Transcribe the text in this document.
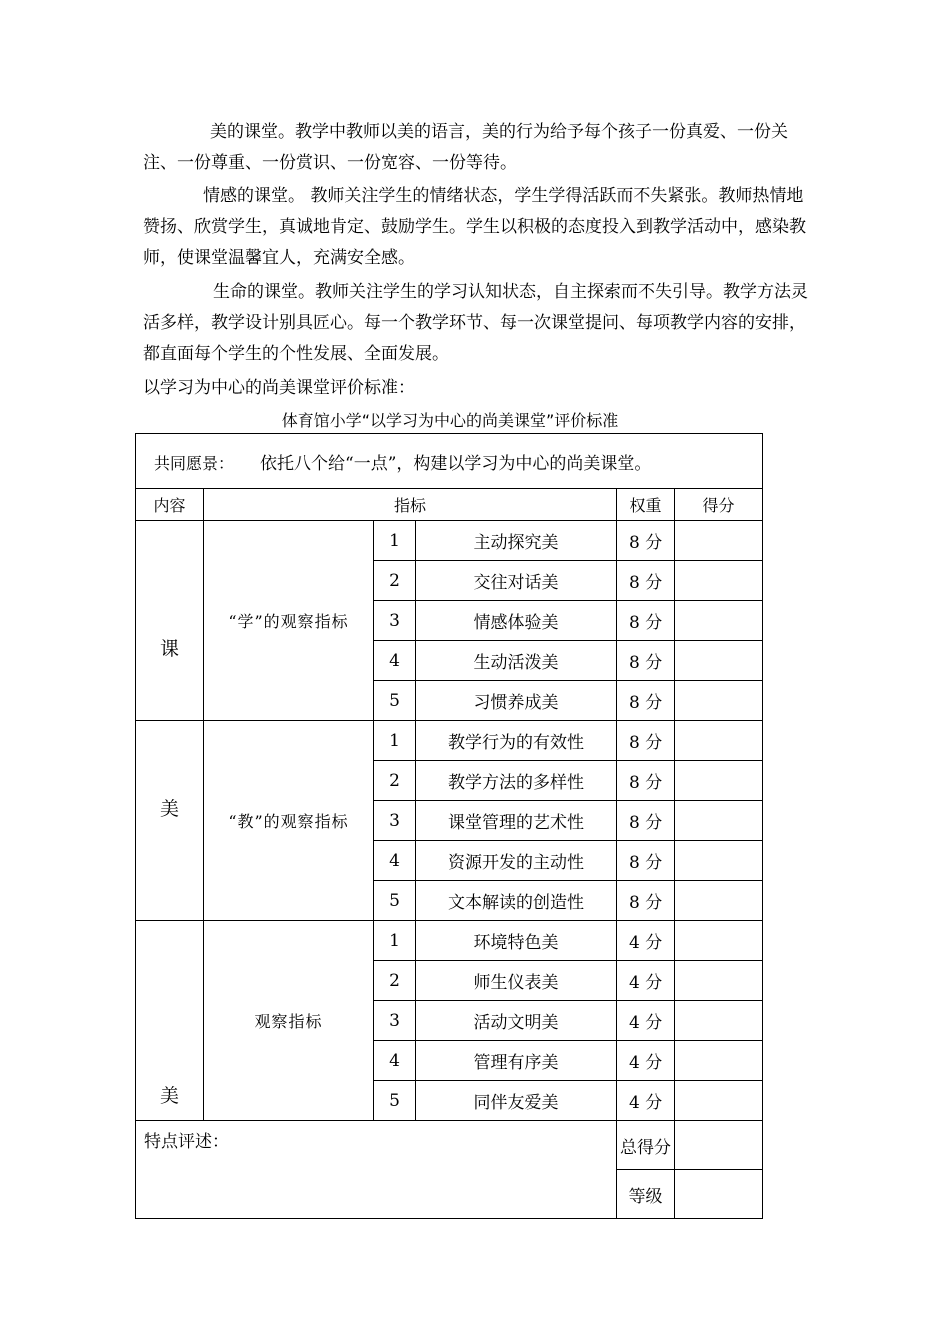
美的课堂。教学中教师以美的语言，美的行为给予每个孩子一份真爱、一份关注、一份尊重、一份赏识、一份宽容、一份等待。

情感的课堂。 教师关注学生的情绪状态，学生学得活跃而不失紧张。教师热情地赞扬、欣赏学生，真诚地肯定、鼓励学生。学生以积极的态度投入到教学活动中，感染教师，使课堂温馨宜人，充满安全感。

生命的课堂。教师关注学生的学习认知状态，自主探索而不失引导。教学方法灵活多样，教学设计别具匠心。每一个教学环节、每一次课堂提问、每项教学内容的安排，都直面每个学生的个性发展、全面发展。

以学习为中心的尚美课堂评价标准：

体育馆小学“以学习为中心的尚美课堂”评价标准
共同愿景： 依托八个给“一点”，构建以学习为中心的尚美课堂。					
内容	指标			权重	得分
课	“学”的观察指标	1	主动探究美	8 分	
		2	交往对话美	8 分	
		3	情感体验美	8 分	
		4	生动活泼美	8 分	
		5	习惯养成美	8 分	
美	“教”的观察指标	1	教学行为的有效性	8 分	
		2	教学方法的多样性	8 分	
		3	课堂管理的艺术性	8 分	
		4	资源开发的主动性	8 分	
		5	文本解读的创造性	8 分	
美	观察指标	1	环境特色美	4 分	
		2	师生仪表美	4 分	
		3	活动文明美	4 分	
		4	管理有序美	4 分	
		5	同伴友爱美	4 分	
特点评述：				总得分	
				等级	
